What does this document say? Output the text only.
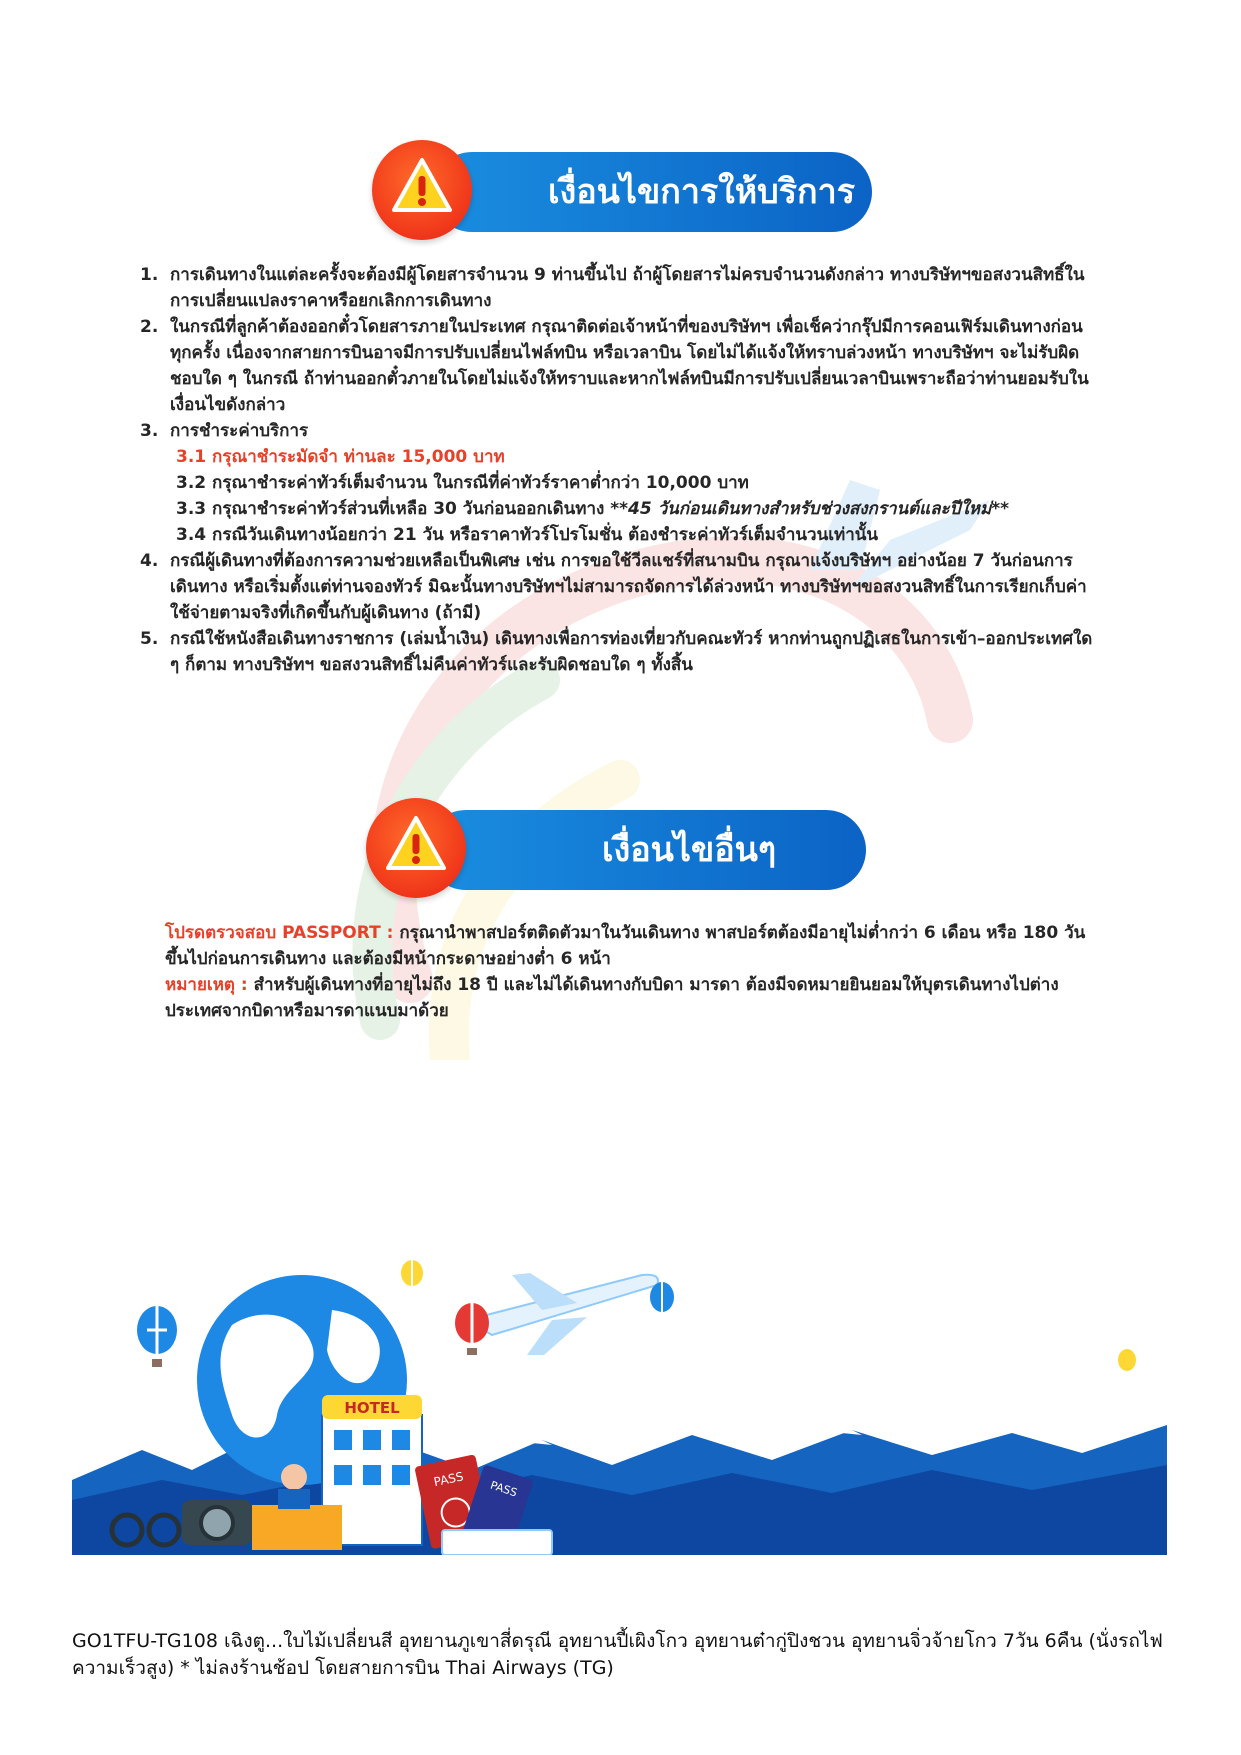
เงื่อนไขการให้บริการ
1. การเดินทางในแต่ละครั้งจะต้องมีผู้โดยสารจำนวน 9 ท่านขึ้นไป ถ้าผู้โดยสารไม่ครบจำนวนดังกล่าว ทางบริษัทฯขอสงวนสิทธิ์ในการเปลี่ยนแปลงราคาหรือยกเลิกการเดินทาง
2. ในกรณีที่ลูกค้าต้องออกตั๋วโดยสารภายในประเทศ กรุณาติดต่อเจ้าหน้าที่ของบริษัทฯ เพื่อเช็คว่ากรุ๊ปมีการคอนเฟิร์มเดินทางก่อนทุกครั้ง เนื่องจากสายการบินอาจมีการปรับเปลี่ยนไฟล์ทบิน หรือเวลาบิน โดยไม่ได้แจ้งให้ทราบล่วงหน้า ทางบริษัทฯ จะไม่รับผิดชอบใด ๆ ในกรณี ถ้าท่านออกตั๋วภายในโดยไม่แจ้งให้ทราบและหากไฟล์ทบินมีการปรับเปลี่ยนเวลาบินเพราะถือว่าท่านยอมรับในเงื่อนไขดังกล่าว
3. การชำระค่าบริการ
3.1 กรุณาชำระมัดจำ ท่านละ 15,000 บาท
3.2 กรุณาชำระค่าทัวร์เต็มจำนวน ในกรณีที่ค่าทัวร์ราคาต่ำกว่า 10,000 บาท
3.3 กรุณาชำระค่าทัวร์ส่วนที่เหลือ 30 วันก่อนออกเดินทาง **45 วันก่อนเดินทางสำหรับช่วงสงกรานต์และปีใหม่**
3.4 กรณีวันเดินทางน้อยกว่า 21 วัน หรือราคาทัวร์โปรโมชั่น ต้องชำระค่าทัวร์เต็มจำนวนเท่านั้น
4. กรณีผู้เดินทางที่ต้องการความช่วยเหลือเป็นพิเศษ เช่น การขอใช้วีลแชร์ที่สนามบิน กรุณาแจ้งบริษัทฯ อย่างน้อย 7 วันก่อนการเดินทาง หรือเริ่มตั้งแต่ท่านจองทัวร์ มิฉะนั้นทางบริษัทฯไม่สามารถจัดการได้ล่วงหน้า ทางบริษัทฯขอสงวนสิทธิ์ในการเรียกเก็บค่าใช้จ่ายตามจริงที่เกิดขึ้นกับผู้เดินทาง (ถ้ามี)
5. กรณีใช้หนังสือเดินทางราชการ (เล่มน้ำเงิน) เดินทางเพื่อการท่องเที่ยวกับคณะทัวร์ หากท่านถูกปฏิเสธในการเข้า–ออกประเทศใด ๆ ก็ตาม ทางบริษัทฯ ขอสงวนสิทธิ์ไม่คืนค่าทัวร์และรับผิดชอบใด ๆ ทั้งสิ้น
เงื่อนไขอื่นๆ
โปรดตรวจสอบ PASSPORT : กรุณานำพาสปอร์ตติดตัวมาในวันเดินทาง พาสปอร์ตต้องมีอายุไม่ต่ำกว่า 6 เดือน หรือ 180 วัน ขึ้นไปก่อนการเดินทาง และต้องมีหน้ากระดาษอย่างต่ำ 6 หน้า
หมายเหตุ : สำหรับผู้เดินทางที่อายุไม่ถึง 18 ปี และไม่ได้เดินทางกับบิดา มารดา ต้องมีจดหมายยินยอมให้บุตรเดินทางไปต่างประเทศจากบิดาหรือมารดาแนบมาด้วย
HOTEL
PASS PASS
GO1TFU-TG108 เฉิงตู...ใบไม้เปลี่ยนสี อุทยานภูเขาสี่ดรุณี อุทยานปี้เผิงโกว อุทยานต๋ากู่ปิงชวน อุทยานจิ่วจ้ายโกว 7วัน 6คืน (นั่งรถไฟความเร็วสูง) * ไม่ลงร้านช้อป โดยสายการบิน Thai Airways (TG)
